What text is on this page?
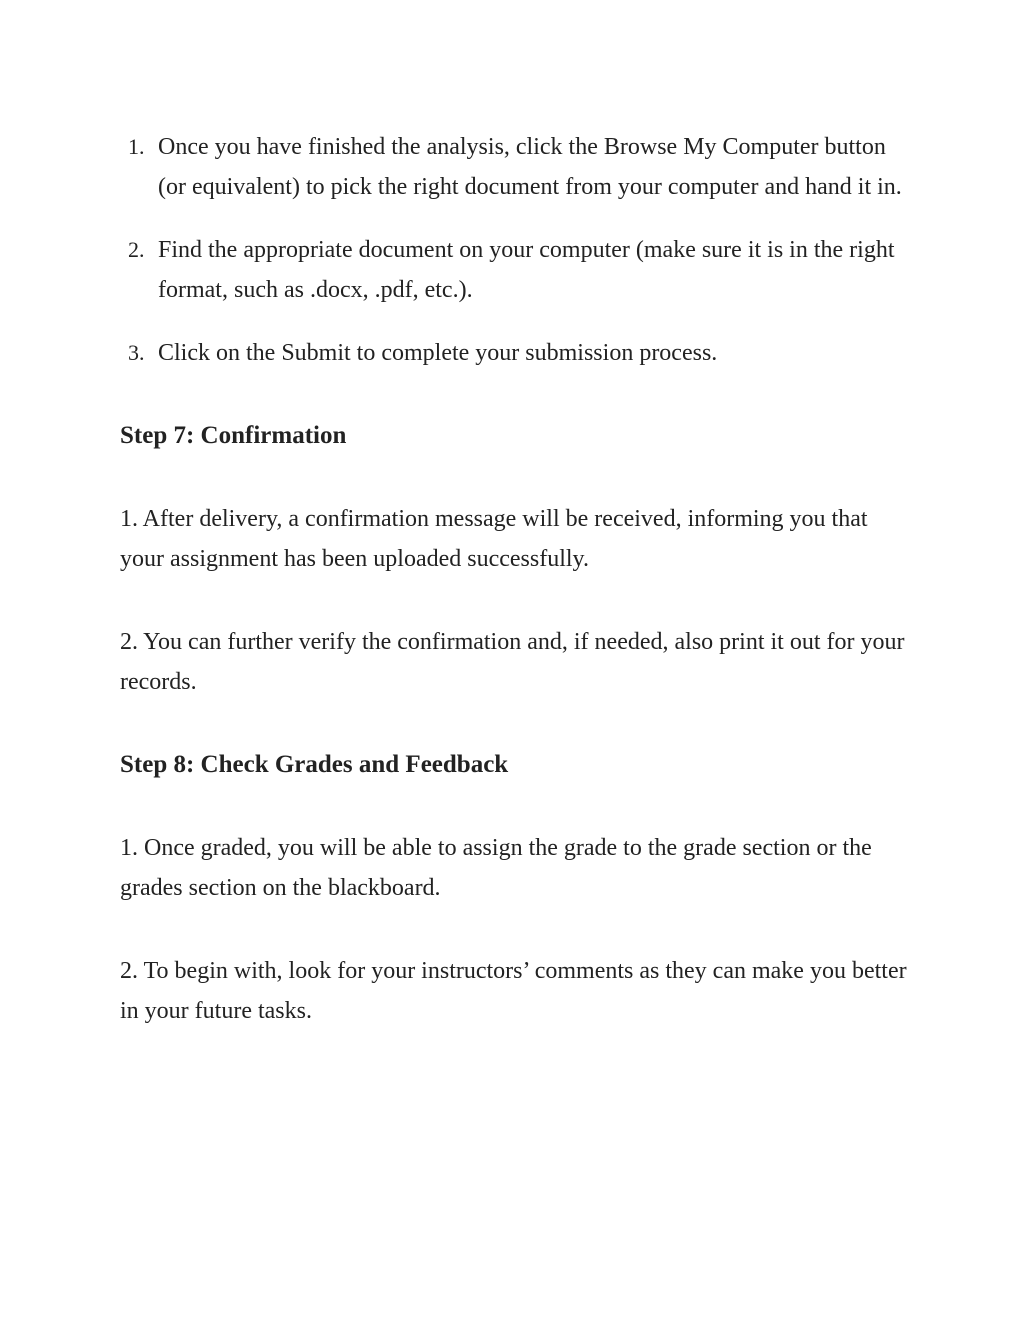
1. Once you have finished the analysis, click the Browse My Computer button (or equivalent) to pick the right document from your computer and hand it in.
2. Find the appropriate document on your computer (make sure it is in the right format, such as .docx, .pdf, etc.).
3. Click on the Submit to complete your submission process.
Step 7: Confirmation

1. After delivery, a confirmation message will be received, informing you that your assignment has been uploaded successfully.

2. You can further verify the confirmation and, if needed, also print it out for your records.

Step 8: Check Grades and Feedback

1. Once graded, you will be able to assign the grade to the grade section or the grades section on the blackboard.

2. To begin with, look for your instructors’ comments as they can make you better in your future tasks.
